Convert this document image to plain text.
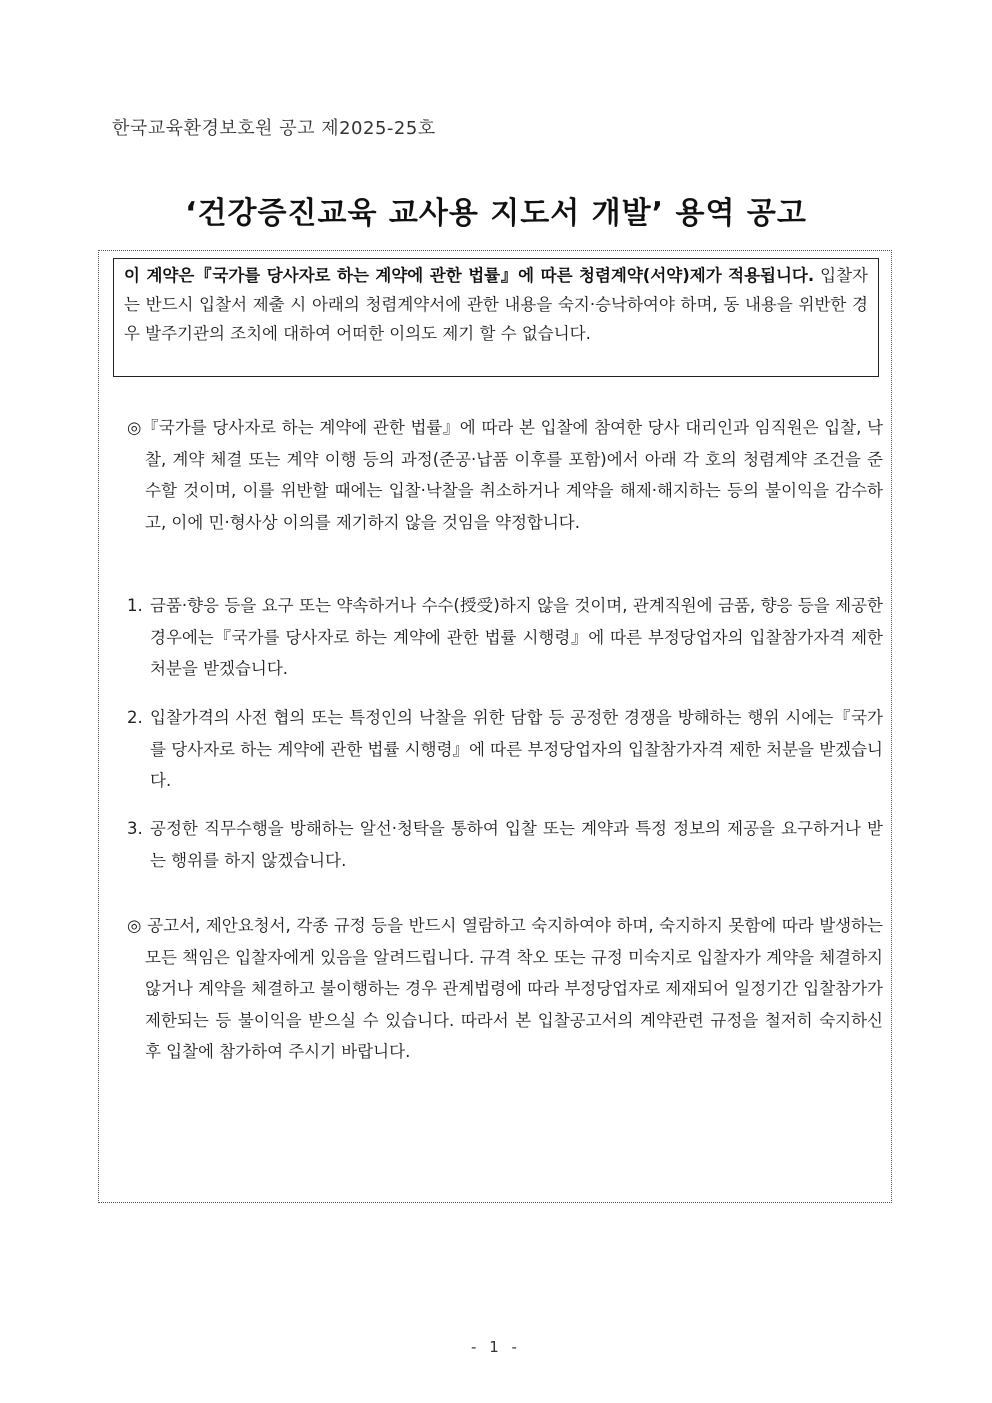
한국교육환경보호원 공고 제2025-25호
‘건강증진교육 교사용 지도서 개발’ 용역 공고
이 계약은『국가를 당사자로 하는 계약에 관한 법률』에 따른 청렴계약(서약)제가 적용됩니다. 입찰자는 반드시 입찰서 제출 시 아래의 청렴계약서에 관한 내용을 숙지·승낙하여야 하며, 동 내용을 위반한 경우 발주기관의 조치에 대하여 어떠한 이의도 제기 할 수 없습니다.
◎『국가를 당사자로 하는 계약에 관한 법률』에 따라 본 입찰에 참여한 당사 대리인과 임직원은 입찰, 낙찰, 계약 체결 또는 계약 이행 등의 과정(준공·납품 이후를 포함)에서 아래 각 호의 청렴계약 조건을 준수할 것이며, 이를 위반할 때에는 입찰·낙찰을 취소하거나 계약을 해제·해지하는 등의 불이익을 감수하고, 이에 민·형사상 이의를 제기하지 않을 것임을 약정합니다.
1. 금품·향응 등을 요구 또는 약속하거나 수수(授受)하지 않을 것이며, 관계직원에 금품, 향응 등을 제공한 경우에는『국가를 당사자로 하는 계약에 관한 법률 시행령』에 따른 부정당업자의 입찰참가자격 제한 처분을 받겠습니다.
2. 입찰가격의 사전 협의 또는 특정인의 낙찰을 위한 담합 등 공정한 경쟁을 방해하는 행위 시에는『국가를 당사자로 하는 계약에 관한 법률 시행령』에 따른 부정당업자의 입찰참가자격 제한 처분을 받겠습니다.
3. 공정한 직무수행을 방해하는 알선·청탁을 통하여 입찰 또는 계약과 특정 정보의 제공을 요구하거나 받는 행위를 하지 않겠습니다.
◎ 공고서, 제안요청서, 각종 규정 등을 반드시 열람하고 숙지하여야 하며, 숙지하지 못함에 따라 발생하는 모든 책임은 입찰자에게 있음을 알려드립니다. 규격 착오 또는 규정 미숙지로 입찰자가 계약을 체결하지 않거나 계약을 체결하고 불이행하는 경우 관계법령에 따라 부정당업자로 제재되어 일정기간 입찰참가가 제한되는 등 불이익을 받으실 수 있습니다. 따라서 본 입찰공고서의 계약관련 규정을 철저히 숙지하신 후 입찰에 참가하여 주시기 바랍니다.
- 1 -
